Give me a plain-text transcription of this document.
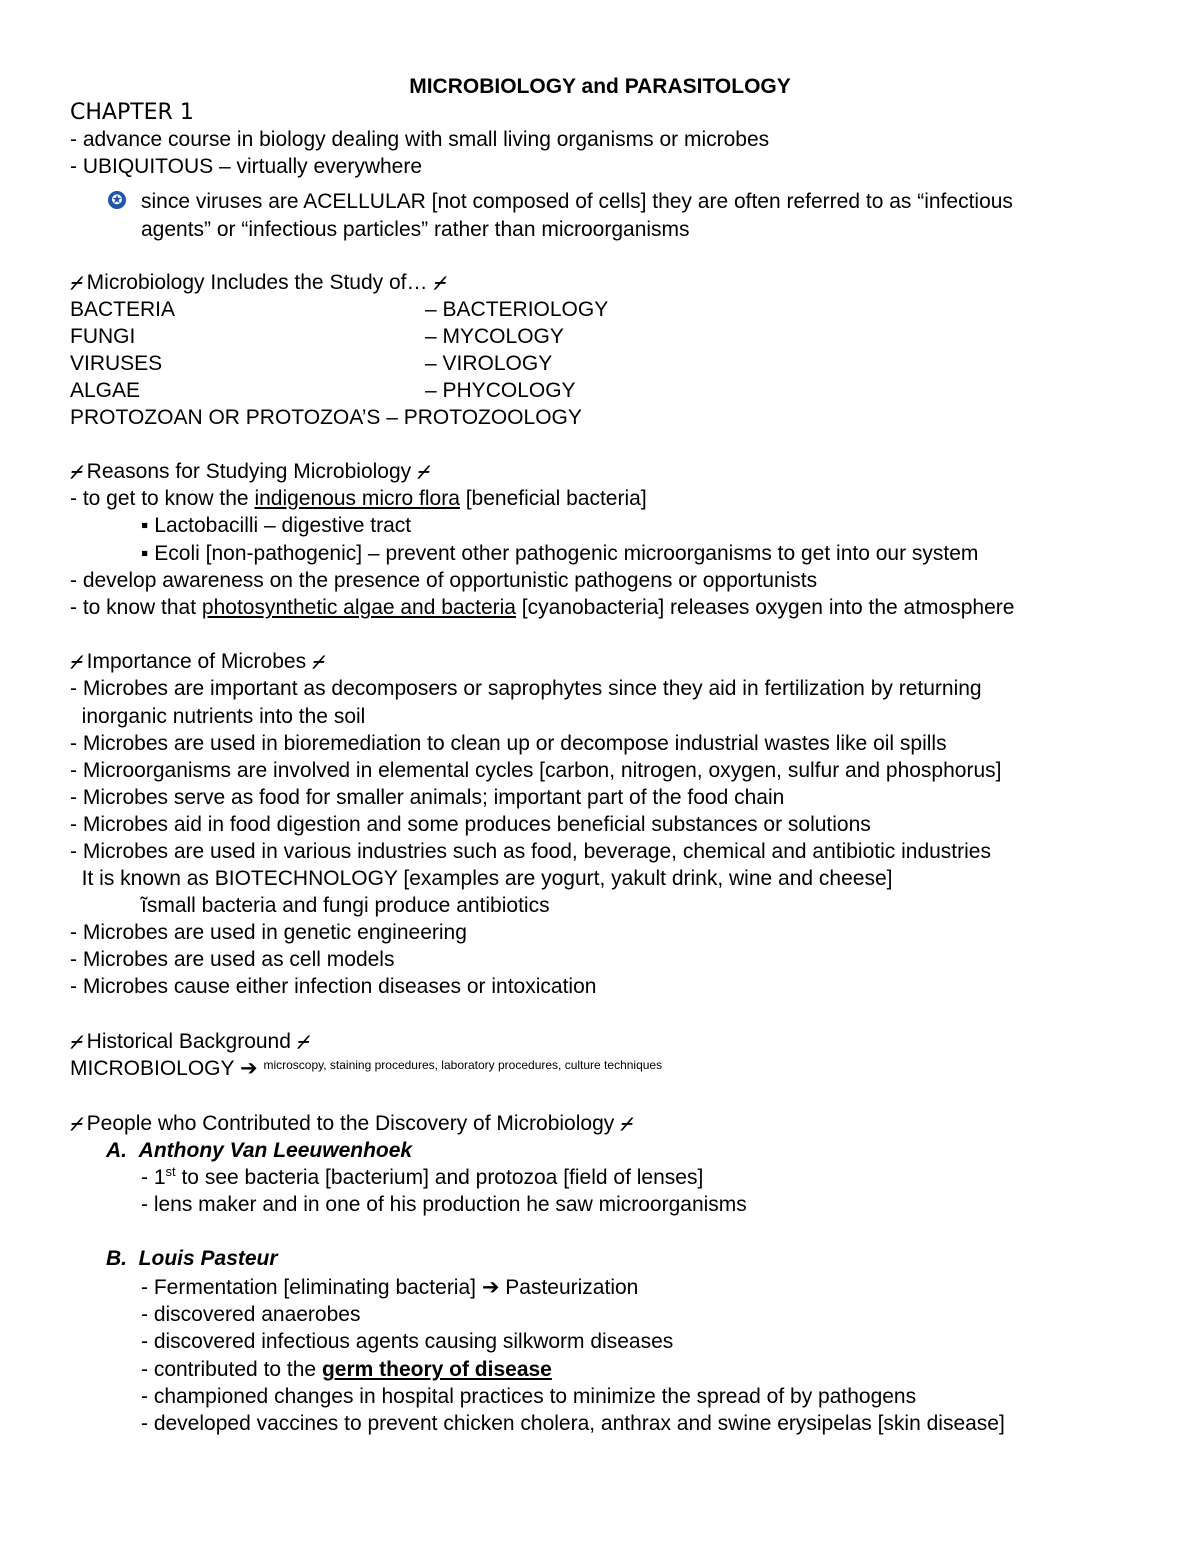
MICROBIOLOGY and PARASITOLOGY
CHAPTER 1
- advance course in biology dealing with small living organisms or microbes
- UBIQUITOUS – virtually everywhere
✪ since viruses are ACELLULAR [not composed of cells] they are often referred to as “infectious
agents” or “infectious particles” rather than microorganisms
⌿ Microbiology Includes the Study of… ⌿
BACTERIA	– BACTERIOLOGY
FUNGI	– MYCOLOGY
VIRUSES	– VIROLOGY
ALGAE	– PHYCOLOGY
PROTOZOAN OR PROTOZOA’S – PROTOZOOLOGY
⌿ Reasons for Studying Microbiology ⌿
- to get to know the indigenous micro flora [beneficial bacteria]
▪ Lactobacilli – digestive tract
▪ Ecoli [non-pathogenic] – prevent other pathogenic microorganisms to get into our system
- develop awareness on the presence of opportunistic pathogens or opportunists
- to know that photosynthetic algae and bacteria [cyanobacteria] releases oxygen into the atmosphere
⌿ Importance of Microbes ⌿
- Microbes are important as decomposers or saprophytes since they aid in fertilization by returning
inorganic nutrients into the soil
- Microbes are used in bioremediation to clean up or decompose industrial wastes like oil spills
- Microorganisms are involved in elemental cycles [carbon, nitrogen, oxygen, sulfur and phosphorus]
- Microbes serve as food for smaller animals; important part of the food chain
- Microbes aid in food digestion and some produces beneficial substances or solutions
- Microbes are used in various industries such as food, beverage, chemical and antibiotic industries
It is known as BIOTECHNOLOGY [examples are yogurt, yakult drink, wine and cheese]
ĩsmall bacteria and fungi produce antibiotics
- Microbes are used in genetic engineering
- Microbes are used as cell models
- Microbes cause either infection diseases or intoxication
⌿ Historical Background ⌿
MICROBIOLOGY ➔ $^{microscopy, staining procedures, laboratory procedures, culture techniques}$
⌿ People who Contributed to the Discovery of Microbiology ⌿
A. Anthony Van Leeuwenhoek
- 1st to see bacteria [bacterium] and protozoa [field of lenses]
- lens maker and in one of his production he saw microorganisms
B. Louis Pasteur
- Fermentation [eliminating bacteria] ➔ Pasteurization
- discovered anaerobes
- discovered infectious agents causing silkworm diseases
- contributed to the germ theory of disease
- championed changes in hospital practices to minimize the spread of by pathogens
- developed vaccines to prevent chicken cholera, anthrax and swine erysipelas [skin disease]
